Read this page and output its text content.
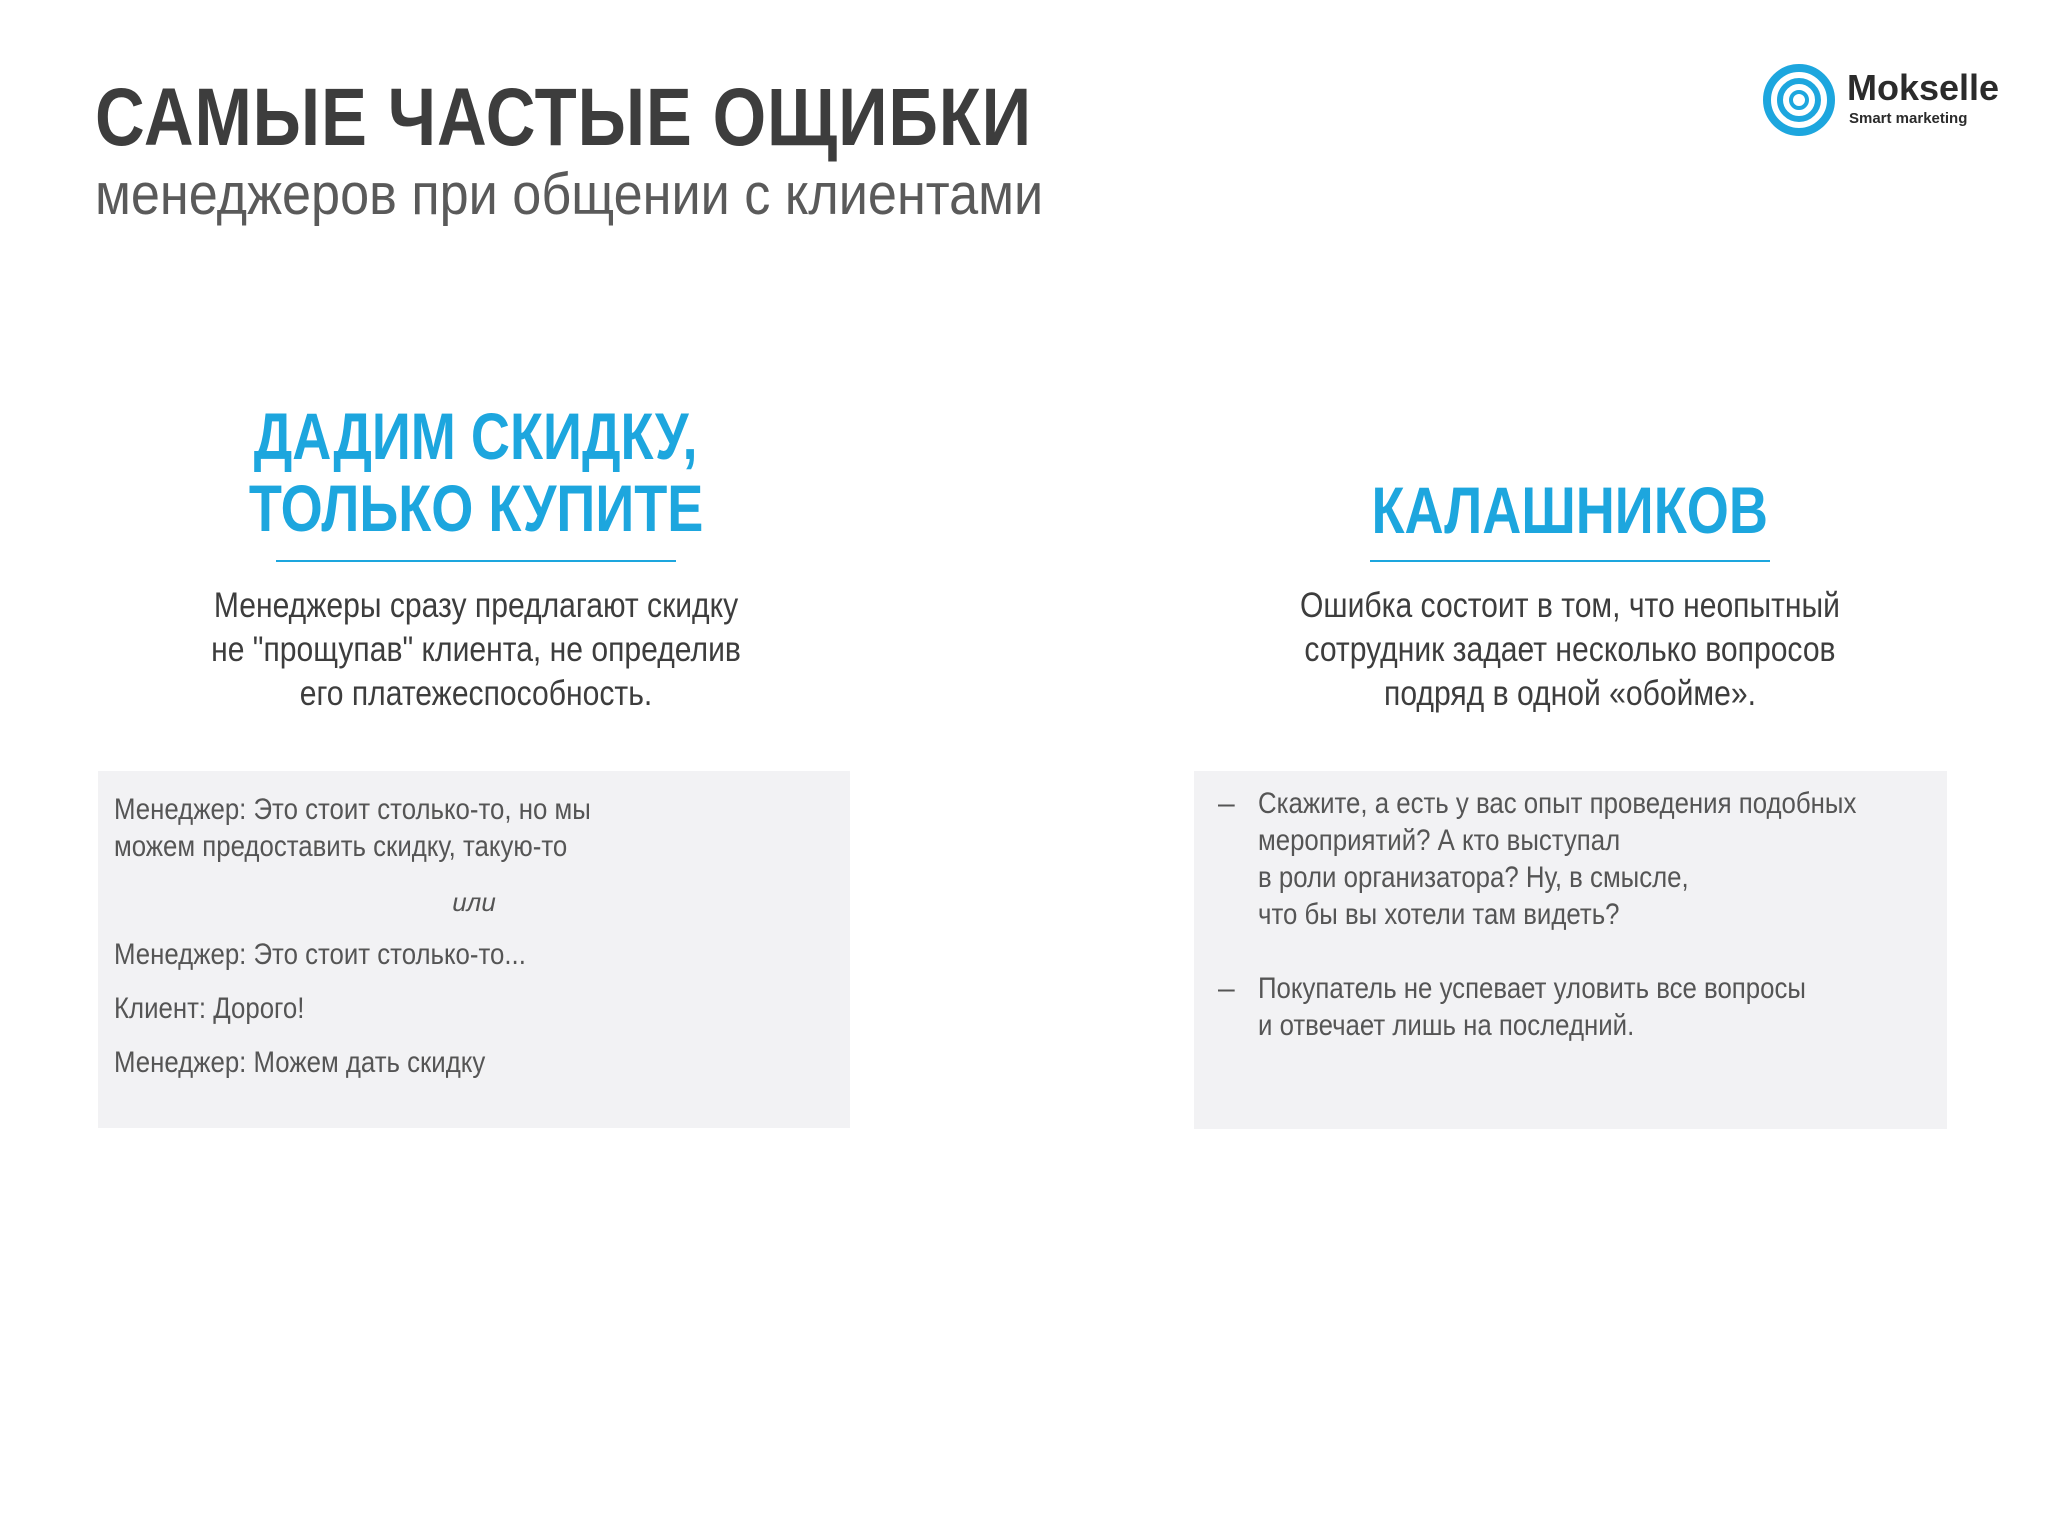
САМЫЕ ЧАСТЫЕ ОЩИБКИ
менеджеров при общении с клиентами
Mokselle
Smart marketing
ДАДИМ СКИДКУ,
ТОЛЬКО КУПИТЕ
Менеджеры сразу предлагают скидку
не "прощупав" клиента, не определив
его платежеспособность.
Менеджер: Это стоит столько-то, но мы
можем предоставить скидку, такую-то
или
Менеджер: Это стоит столько-то...
Клиент: Дорого!
Менеджер: Можем дать скидку
КАЛАШНИКОВ
Ошибка состоит в том, что неопытный
сотрудник задает несколько вопросов
подряд в одной «обойме».
– Скажите, а есть у вас опыт проведения подобных
мероприятий? А кто выступал
в роли организатора? Ну, в смысле,
что бы вы хотели там видеть?
– Покупатель не успевает уловить все вопросы
и отвечает лишь на последний.
